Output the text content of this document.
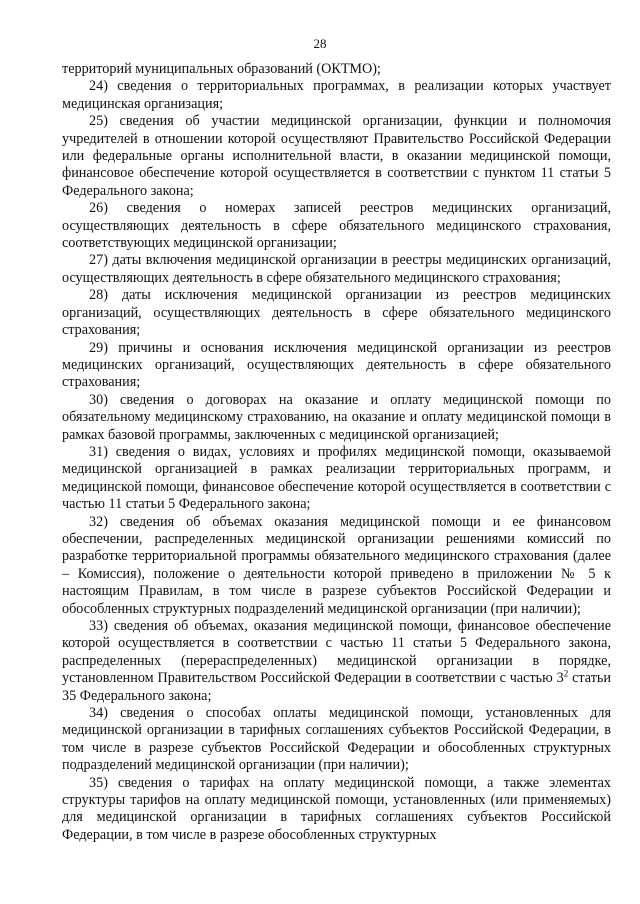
28

территорий муниципальных образований (ОКТМО);

24) сведения о территориальных программах, в реализации которых участвует медицинская организация;

25) сведения об участии медицинской организации, функции и полномочия учредителей в отношении которой осуществляют Правительство Российской Федерации или федеральные органы исполнительной власти, в оказании медицинской помощи, финансовое обеспечение которой осуществляется в соответствии с пунктом 11 статьи 5 Федерального закона;

26) сведения о номерах записей реестров медицинских организаций, осуществляющих деятельность в сфере обязательного медицинского страхования, соответствующих медицинской организации;

27) даты включения медицинской организации в реестры медицинских организаций, осуществляющих деятельность в сфере обязательного медицинского страхования;

28) даты исключения медицинской организации из реестров медицинских организаций, осуществляющих деятельность в сфере обязательного медицинского страхования;

29) причины и основания исключения медицинской организации из реестров медицинских организаций, осуществляющих деятельность в сфере обязательного страхования;

30) сведения о договорах на оказание и оплату медицинской помощи по обязательному медицинскому страхованию, на оказание и оплату медицинской помощи в рамках базовой программы, заключенных с медицинской организацией;

31) сведения о видах, условиях и профилях медицинской помощи, оказываемой медицинской организацией в рамках реализации территориальных программ, и медицинской помощи, финансовое обеспечение которой осуществляется в соответствии с частью 11 статьи 5 Федерального закона;

32) сведения об объемах оказания медицинской помощи и ее финансовом обеспечении, распределенных медицинской организации решениями комиссий по разработке территориальной программы обязательного медицинского страхования (далее – Комиссия), положение о деятельности которой приведено в приложении № 5 к настоящим Правилам, в том числе в разрезе субъектов Российской Федерации и обособленных структурных подразделений медицинской организации (при наличии);

33) сведения об объемах, оказания медицинской помощи, финансовое обеспечение которой осуществляется в соответствии с частью 11 статьи 5 Федерального закона, распределенных (перераспределенных) медицинской организации в порядке, установленном Правительством Российской Федерации в соответствии с частью $3^2$ статьи 35 Федерального закона;

34) сведения о способах оплаты медицинской помощи, установленных для медицинской организации в тарифных соглашениях субъектов Российской Федерации, в том числе в разрезе субъектов Российской Федерации и обособленных структурных подразделений медицинской организации (при наличии);

35) сведения о тарифах на оплату медицинской помощи, а также элементах структуры тарифов на оплату медицинской помощи, установленных (или применяемых) для медицинской организации в тарифных соглашениях субъектов Российской Федерации, в том числе в разрезе обособленных структурных
